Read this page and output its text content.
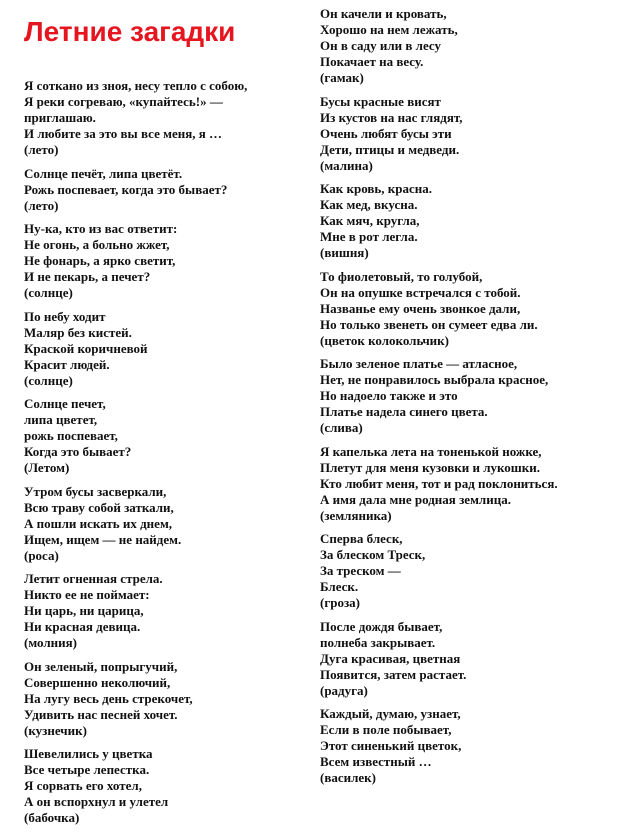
Летние загадки
Я соткано из зноя, несу тепло с собою,
Я реки согреваю, «купайтесь!» —
приглашаю.
И любите за это вы все меня, я …
(лето)
Солнце печёт, липа цветёт.
Рожь поспевает, когда это бывает?
(лето)
Ну-ка, кто из вас ответит:
Не огонь, а больно жжет,
Не фонарь, а ярко светит,
И не пекарь, а печет?
(солнце)
По небу ходит
Маляр без кистей.
Краской коричневой
Красит людей.
(солнце)
Солнце печет,
липа цветет,
рожь поспевает,
Когда это бывает?
(Летом)
Утром бусы засверкали,
Всю траву собой заткали,
А пошли искать их днем,
Ищем, ищем — не найдем.
(роса)
Летит огненная стрела.
Никто ее не поймает:
Ни царь, ни царица,
Ни красная девица.
(молния)
Он зеленый, попрыгучий,
Совершенно неколючий,
На лугу весь день стрекочет,
Удивить нас песней хочет.
(кузнечик)
Шевелились у цветка
Все четыре лепестка.
Я сорвать его хотел,
А он вспорхнул и улетел
(бабочка)
Он качели и кровать,
Хорошо на нем лежать,
Он в саду или в лесу
Покачает на весу.
(гамак)
Бусы красные висят
Из кустов на нас глядят,
Очень любят бусы эти
Дети, птицы и медведи.
(малина)
Как кровь, красна.
Как мед, вкусна.
Как мяч, кругла,
Мне в рот легла.
(вишня)
То фиолетовый, то голубой,
Он на опушке встречался с тобой.
Названье ему очень звонкое дали,
Но только звенеть он сумеет едва ли.
(цветок колокольчик)
Было зеленое платье — атласное,
Нет, не понравилось выбрала красное,
Но надоело также и это
Платье надела синего цвета.
(слива)
Я капелька лета на тоненькой ножке,
Плетут для меня кузовки и лукошки.
Кто любит меня, тот и рад поклониться.
А имя дала мне родная землица.
(земляника)
Сперва блеск,
За блеском Треск,
За треском —
Блеск.
(гроза)
После дождя бывает,
полнеба закрывает.
Дуга красивая, цветная
Появится, затем растает.
(радуга)
Каждый, думаю, узнает,
Если в поле побывает,
Этот синенький цветок,
Всем известный …
(василек)
